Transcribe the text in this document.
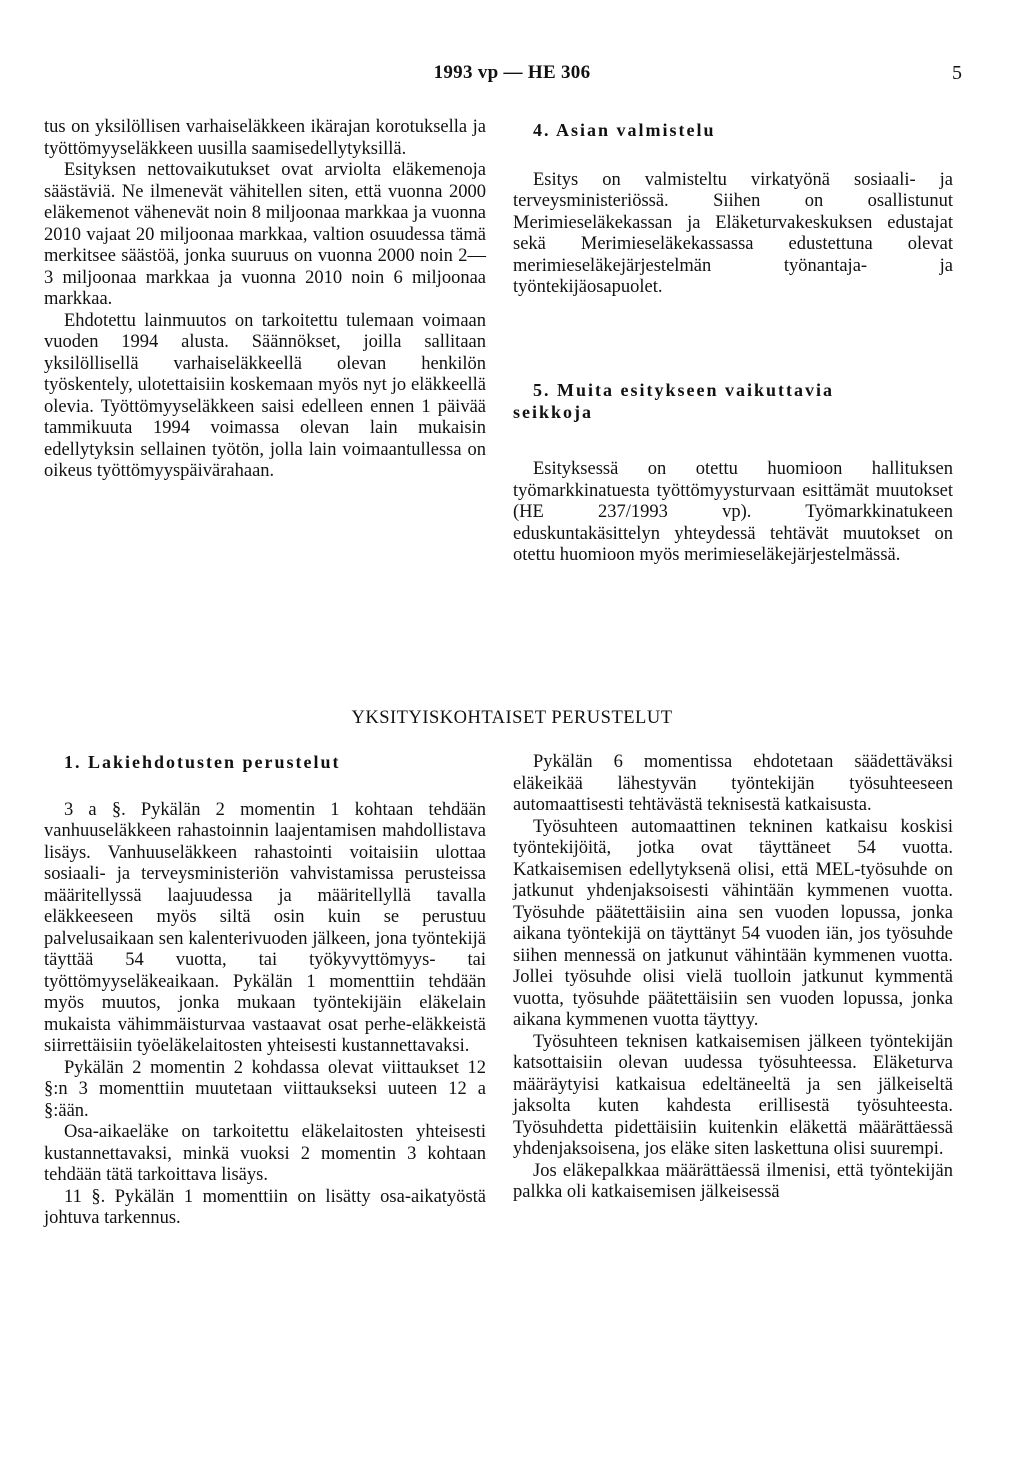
1993 vp — HE 306	5

tus on yksilöllisen varhaiseläkkeen ikärajan korotuksella ja työttömyyseläkkeen uusilla saamisedellytyksillä.

Esityksen nettovaikutukset ovat arviolta eläkemenoja säästäviä. Ne ilmenevät vähitellen siten, että vuonna 2000 eläkemenot vähenevät noin 8 miljoonaa markkaa ja vuonna 2010 vajaat 20 miljoonaa markkaa, valtion osuudessa tämä merkitsee säästöä, jonka suuruus on vuonna 2000 noin 2—3 miljoonaa markkaa ja vuonna 2010 noin 6 miljoonaa markkaa.

Ehdotettu lainmuutos on tarkoitettu tulemaan voimaan vuoden 1994 alusta. Säännökset, joilla sallitaan yksilöllisellä varhaiseläkkeellä olevan henkilön työskentely, ulotettaisiin koskemaan myös nyt jo eläkkeellä olevia. Työttömyyseläkkeen saisi edelleen ennen 1 päivää tammikuuta 1994 voimassa olevan lain mukaisin edellytyksin sellainen työtön, jolla lain voimaantullessa on oikeus työttömyyspäivärahaan.

4. Asian valmistelu

Esitys on valmisteltu virkatyönä sosiaali- ja terveysministeriössä. Siihen on osallistunut Merimieseläkekassan ja Eläketurvakeskuksen edustajat sekä Merimieseläkekassassa edustettuna olevat merimieseläkejärjestelmän työnantaja- ja työntekijäosapuolet.

5. Muita esitykseen vaikuttavia seikkoja

Esityksessä on otettu huomioon hallituksen työmarkkinatuesta työttömyysturvaan esittämät muutokset (HE 237/1993 vp). Työmarkkinatukeen eduskuntakäsittelyn yhteydessä tehtävät muutokset on otettu huomioon myös merimieseläkejärjestelmässä.

YKSITYISKOHTAISET PERUSTELUT

1. Lakiehdotusten perustelut

3 a §. Pykälän 2 momentin 1 kohtaan tehdään vanhuuseläkkeen rahastoinnin laajentamisen mahdollistava lisäys. Vanhuuseläkkeen rahastointi voitaisiin ulottaa sosiaali- ja terveysministeriön vahvistamissa perusteissa määritellyssä laajuudessa ja määritellyllä tavalla eläkkeeseen myös siltä osin kuin se perustuu palvelusaikaan sen kalenterivuoden jälkeen, jona työntekijä täyttää 54 vuotta, tai työkyvyttömyys- tai työttömyyseläkeaikaan. Pykälän 1 momenttiin tehdään myös muutos, jonka mukaan työntekijäin eläkelain mukaista vähimmäisturvaa vastaavat osat perhe-eläkkeistä siirrettäisiin työeläkelaitosten yhteisesti kustannettavaksi.

Pykälän 2 momentin 2 kohdassa olevat viittaukset 12 §:n 3 momenttiin muutetaan viittaukseksi uuteen 12 a §:ään.

Osa-aikaeläke on tarkoitettu eläkelaitosten yhteisesti kustannettavaksi, minkä vuoksi 2 momentin 3 kohtaan tehdään tätä tarkoittava lisäys.

11 §. Pykälän 1 momenttiin on lisätty osa-aikatyöstä johtuva tarkennus.

Pykälän 6 momentissa ehdotetaan säädettäväksi eläkeikää lähestyvän työntekijän työsuhteeseen automaattisesti tehtävästä teknisestä katkaisusta.

Työsuhteen automaattinen tekninen katkaisu koskisi työntekijöitä, jotka ovat täyttäneet 54 vuotta. Katkaisemisen edellytyksenä olisi, että MEL-työsuhde on jatkunut yhdenjaksoisesti vähintään kymmenen vuotta. Työsuhde päätettäisiin aina sen vuoden lopussa, jonka aikana työntekijä on täyttänyt 54 vuoden iän, jos työsuhde siihen mennessä on jatkunut vähintään kymmenen vuotta. Jollei työsuhde olisi vielä tuolloin jatkunut kymmentä vuotta, työsuhde päätettäisiin sen vuoden lopussa, jonka aikana kymmenen vuotta täyttyy.

Työsuhteen teknisen katkaisemisen jälkeen työntekijän katsottaisiin olevan uudessa työsuhteessa. Eläketurva määräytyisi katkaisua edeltäneeltä ja sen jälkeiseltä jaksolta kuten kahdesta erillisestä työsuhteesta. Työsuhdetta pidettäisiin kuitenkin eläkettä määrättäessä yhdenjaksoisena, jos eläke siten laskettuna olisi suurempi.

Jos eläkepalkkaa määrättäessä ilmenisi, että työntekijän palkka oli katkaisemisen jälkeisessä
